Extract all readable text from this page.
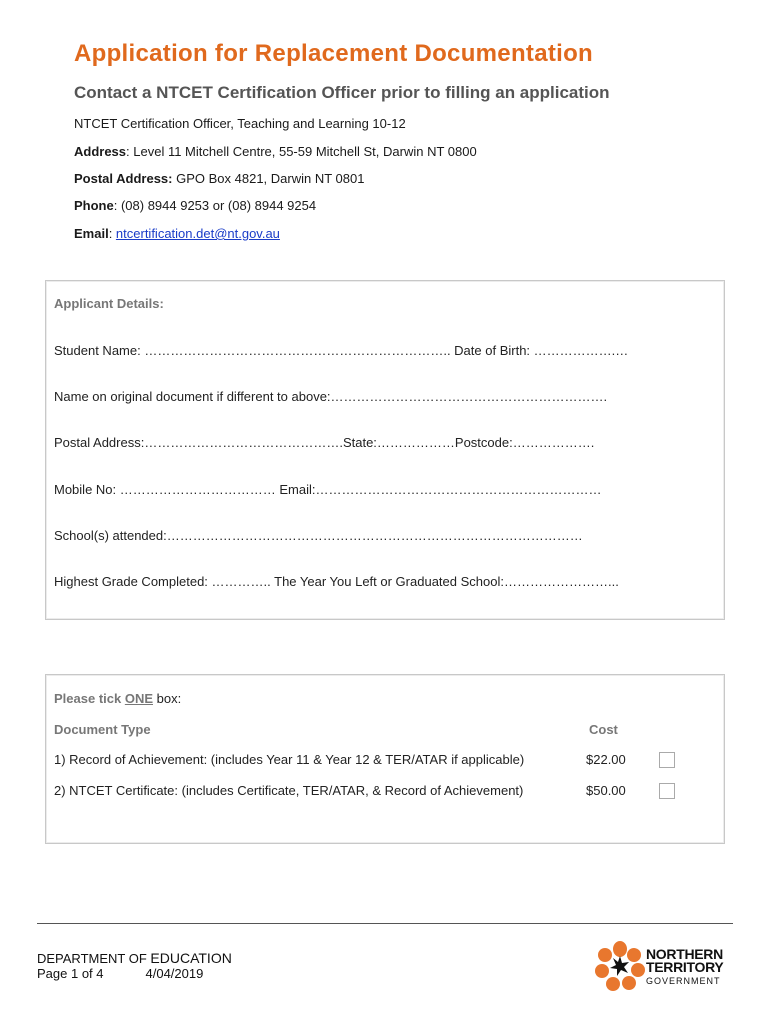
Application for Replacement Documentation
Contact a NTCET Certification Officer prior to filling an application
NTCET Certification Officer, Teaching and Learning 10-12
Address: Level 11 Mitchell Centre, 55-59 Mitchell St, Darwin NT 0800
Postal Address: GPO Box 4821, Darwin NT 0801
Phone: (08) 8944 9253 or (08) 8944 9254
Email: ntcertification.det@nt.gov.au
Applicant Details:
Student Name: …………………………………………………………….. Date of Birth: ……………….…
Name on original document if different to above:……………………………………………………….
Postal Address:……………………………………….State:………………Postcode:……………….
Mobile No: ……………………………… Email:…………………………………………………………
School(s) attended:……………………………………………………………………………………
Highest Grade Completed: ………….. The Year You Left or Graduated School:……………………...
Please tick ONE box:
Document Type	Cost
1) Record of Achievement: (includes Year 11 & Year 12 & TER/ATAR if applicable)	$22.00
2) NTCET Certificate: (includes Certificate, TER/ATAR, & Record of Achievement)	$50.00
DEPARTMENT OF EDUCATION
Page 1 of 4	4/04/2019
NORTHERN
TERRITORY
GOVERNMENT
